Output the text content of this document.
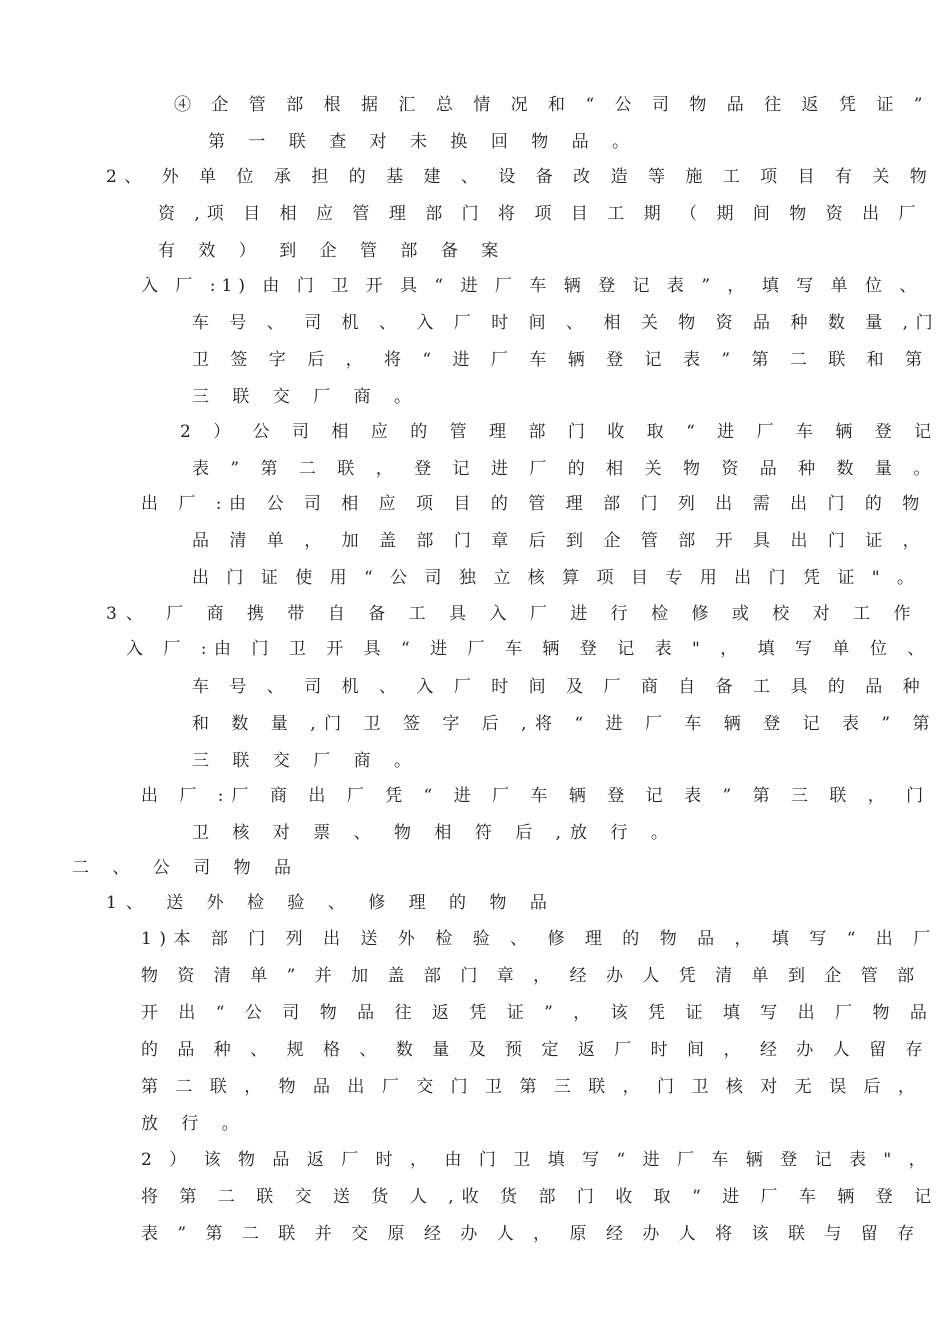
④ 企 管 部 根 据 汇 总 情 况 和 “ 公 司 物 品 往 返 凭 证 ”
第 一 联 查 对 未 换 回 物 品 。
2、 外 单 位 承 担 的 基 建 、 设 备 改 造 等 施 工 项 目 有 关 物
资 ,项 目 相 应 管 理 部 门 将 项 目 工 期 （ 期 间 物 资 出 厂
有 效 ） 到 企 管 部 备 案
入 厂 :1) 由 门 卫 开 具 “ 进 厂 车 辆 登 记 表 ” ， 填 写 单 位 、
车 号 、 司 机 、 入 厂 时 间 、 相 关 物 资 品 种 数 量 ,门
卫 签 字 后 ， 将 “ 进 厂 车 辆 登 记 表 ” 第 二 联 和 第
三 联 交 厂 商 。
2 ） 公 司 相 应 的 管 理 部 门 收 取 “ 进 厂 车 辆 登 记
表 ” 第 二 联 ， 登 记 进 厂 的 相 关 物 资 品 种 数 量 。
出 厂 :由 公 司 相 应 项 目 的 管 理 部 门 列 出 需 出 门 的 物
品 清 单 ， 加 盖 部 门 章 后 到 企 管 部 开 具 出 门 证 ，
出 门 证 使 用 “ 公 司 独 立 核 算 项 目 专 用 出 门 凭 证 " 。
3、 厂 商 携 带 自 备 工 具 入 厂 进 行 检 修 或 校 对 工 作
入 厂 :由 门 卫 开 具 “ 进 厂 车 辆 登 记 表 " ， 填 写 单 位 、
车 号 、 司 机 、 入 厂 时 间 及 厂 商 自 备 工 具 的 品 种
和 数 量 ,门 卫 签 字 后 ,将 “ 进 厂 车 辆 登 记 表 ” 第
三 联 交 厂 商 。
出 厂 :厂 商 出 厂 凭 “ 进 厂 车 辆 登 记 表 ” 第 三 联 ， 门
卫 核 对 票 、 物 相 符 后 ,放 行 。
二 、 公 司 物 品
1、 送 外 检 验 、 修 理 的 物 品
1)本 部 门 列 出 送 外 检 验 、 修 理 的 物 品 ， 填 写 “ 出 厂
物 资 清 单 ” 并 加 盖 部 门 章 ， 经 办 人 凭 清 单 到 企 管 部
开 出 “ 公 司 物 品 往 返 凭 证 ” ， 该 凭 证 填 写 出 厂 物 品
的 品 种 、 规 格 、 数 量 及 预 定 返 厂 时 间 ， 经 办 人 留 存
第 二 联 ， 物 品 出 厂 交 门 卫 第 三 联 ， 门 卫 核 对 无 误 后 ，
放 行 。
2 ） 该 物 品 返 厂 时 ， 由 门 卫 填 写 “ 进 厂 车 辆 登 记 表 " ，
将 第 二 联 交 送 货 人 ,收 货 部 门 收 取 “ 进 厂 车 辆 登 记
表 ” 第 二 联 并 交 原 经 办 人 ， 原 经 办 人 将 该 联 与 留 存
